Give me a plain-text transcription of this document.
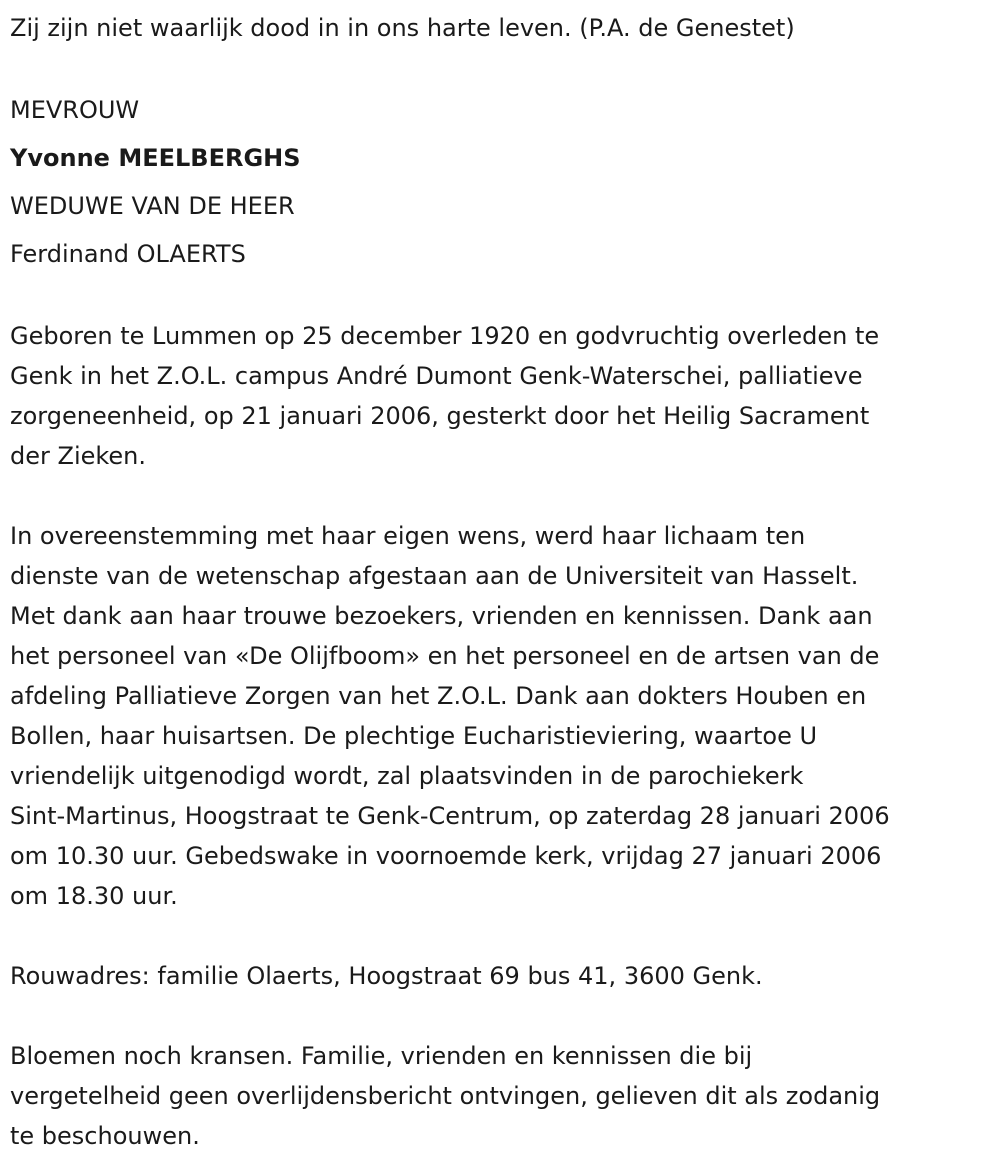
Zij zijn niet waarlijk dood in in ons harte leven. (P.A. de Genestet)

MEVROUW

Yvonne MEELBERGHS

WEDUWE VAN DE HEER

Ferdinand OLAERTS

Geboren te Lummen op 25 december 1920 en godvruchtig overleden te

Genk in het Z.O.L. campus André Dumont Genk-Waterschei, palliatieve

zorgeneenheid, op 21 januari 2006, gesterkt door het Heilig Sacrament

der Zieken.

In overeenstemming met haar eigen wens, werd haar lichaam ten

dienste van de wetenschap afgestaan aan de Universiteit van Hasselt.

Met dank aan haar trouwe bezoekers, vrienden en kennissen. Dank aan

het personeel van «De Olijfboom» en het personeel en de artsen van de

afdeling Palliatieve Zorgen van het Z.O.L. Dank aan dokters Houben en

Bollen, haar huisartsen. De plechtige Eucharistieviering, waartoe U

vriendelijk uitgenodigd wordt, zal plaatsvinden in de parochiekerk

Sint-Martinus, Hoogstraat te Genk-Centrum, op zaterdag 28 januari 2006

om 10.30 uur. Gebedswake in voornoemde kerk, vrijdag 27 januari 2006

om 18.30 uur.

Rouwadres: familie Olaerts, Hoogstraat 69 bus 41, 3600 Genk.

Bloemen noch kransen. Familie, vrienden en kennissen die bij

vergetelheid geen overlijdensbericht ontvingen, gelieven dit als zodanig

te beschouwen.
